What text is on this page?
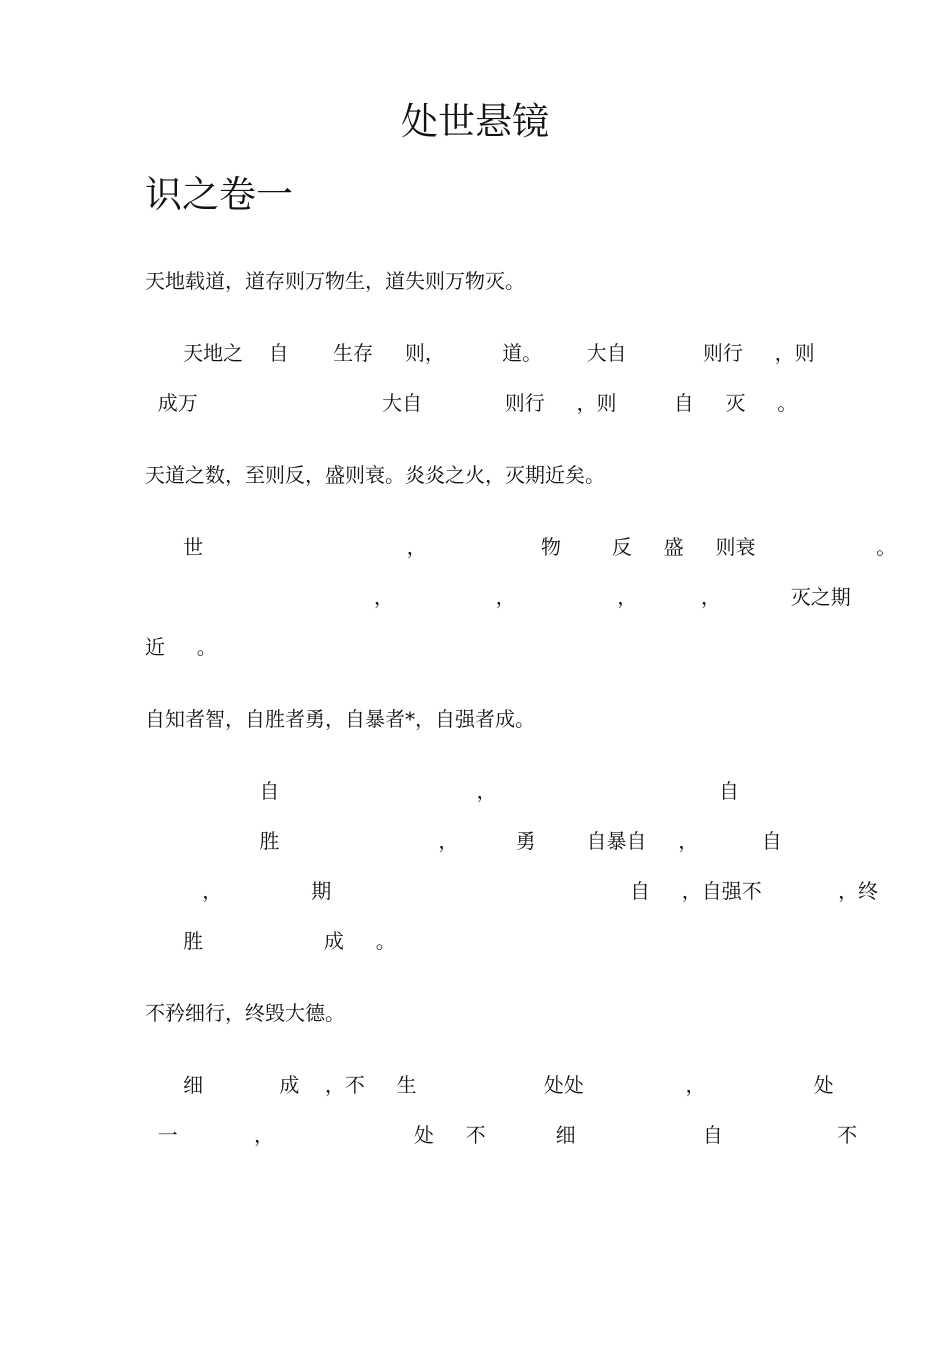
处世悬镜
识之卷一
天地载道，道存则万物生，道失则万物灭。
天地之    自       生存     则，         道。       大自            则行     ，则
成万                             大自             则行     ，则         自     灭     。
天道之数，至则反，盛则衰。炎炎之火，灭期近矣。
世                                ，                  物        反     盛     则衰                   。
，                ，                ，          ，           灭之期
近     。
自知者智，自胜者勇，自暴者*，自强者成。
自                               ，                                   自
胜                         ，         勇        自暴自     ，          自
，              期                                               自     ，自强不            ，终
胜                   成     。
不矜细行，终毁大德。
细            成    ，不     生                    处处                ，                 处
一            ，                      处     不           细                    自                  不
